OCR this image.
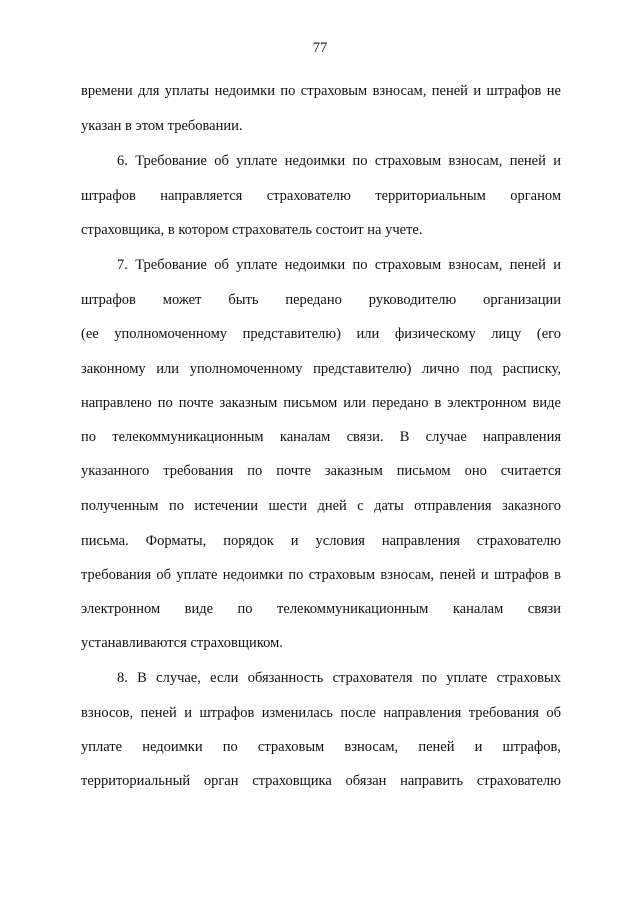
77
времени для уплаты недоимки по страховым взносам, пеней и штрафов не
указан в этом требовании.
6. Требование об уплате недоимки по страховым взносам, пеней и
штрафов направляется страхователю территориальным органом
страховщика, в котором страхователь состоит на учете.
7. Требование об уплате недоимки по страховым взносам, пеней и
штрафов может быть передано руководителю организации
(ее уполномоченному представителю) или физическому лицу (его
законному или уполномоченному представителю) лично под расписку,
направлено по почте заказным письмом или передано в электронном виде
по телекоммуникационным каналам связи. В случае направления
указанного требования по почте заказным письмом оно считается
полученным по истечении шести дней с даты отправления заказного
письма. Форматы, порядок и условия направления страхователю
требования об уплате недоимки по страховым взносам, пеней и штрафов в
электронном виде по телекоммуникационным каналам связи
устанавливаются страховщиком.
8. В случае, если обязанность страхователя по уплате страховых
взносов, пеней и штрафов изменилась после направления требования об
уплате недоимки по страховым взносам, пеней и штрафов,
территориальный орган страховщика обязан направить страхователю
